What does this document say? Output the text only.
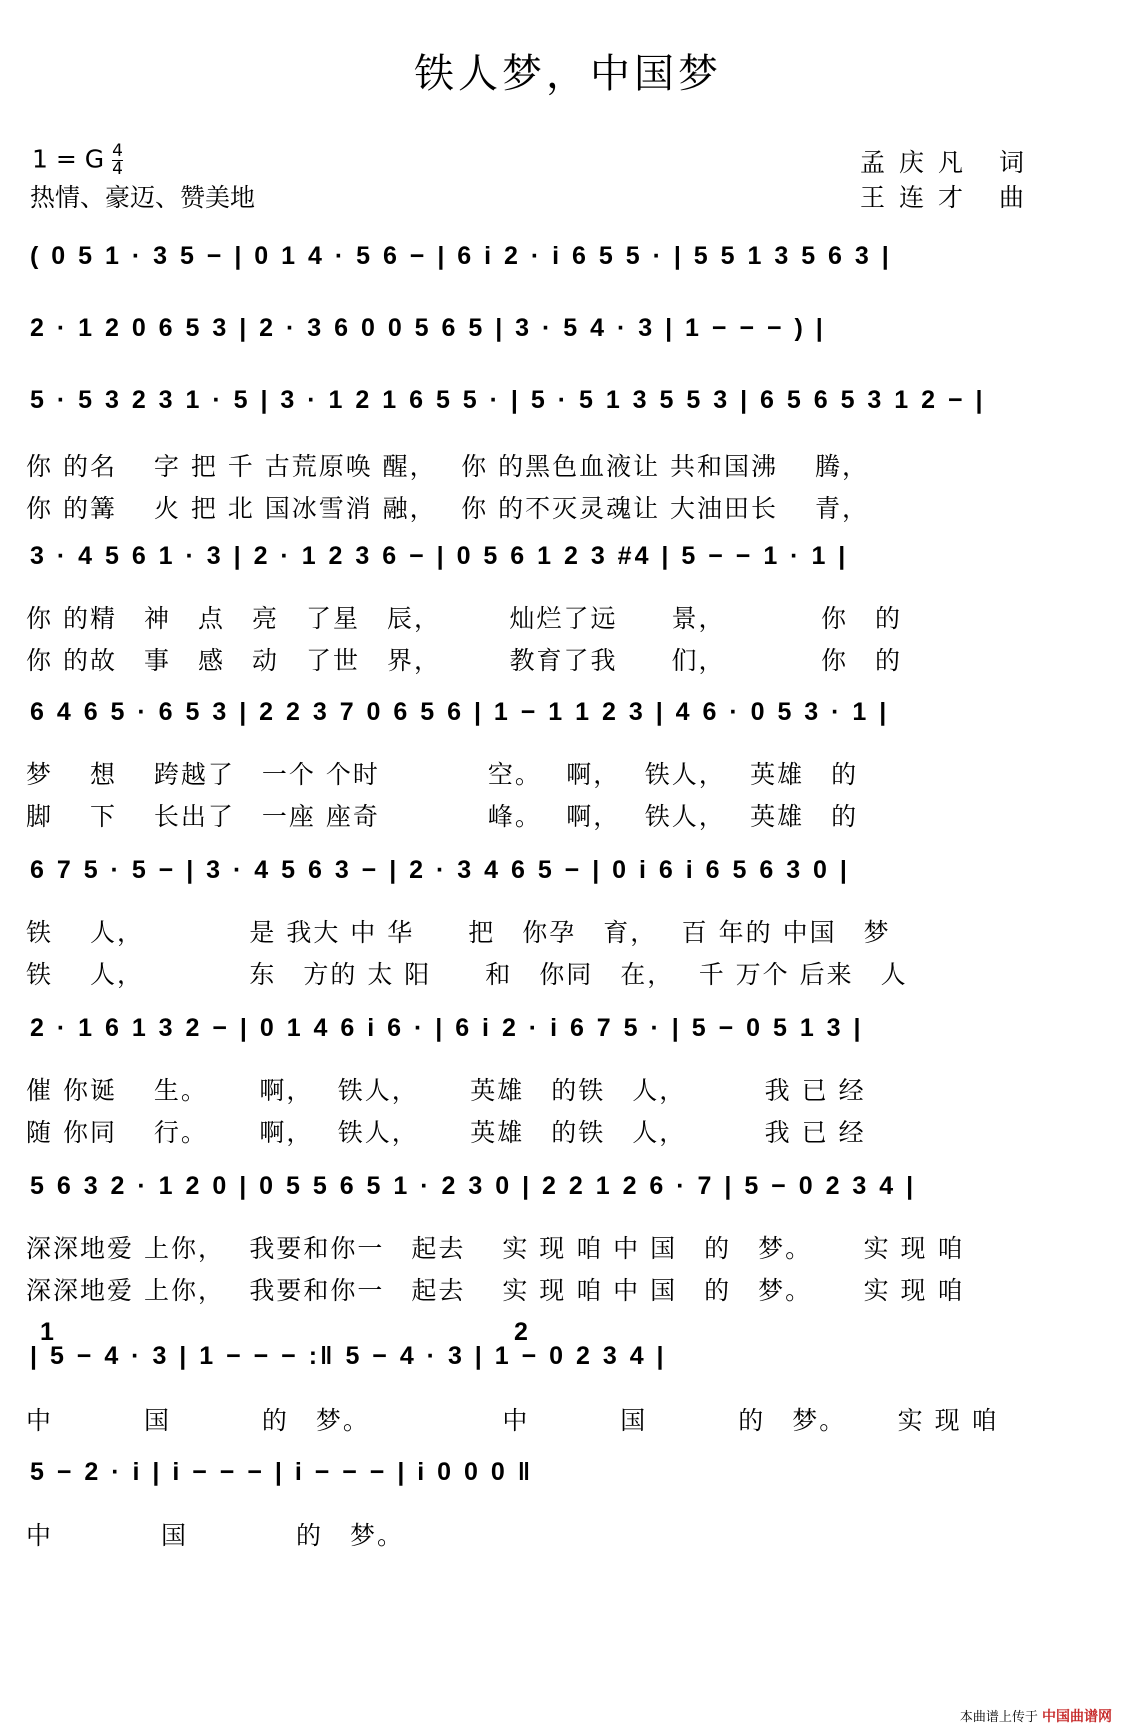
铁人梦，中国梦
1 = G $\frac{4}{4}$
热情、豪迈、赞美地
孟庆凡 词
王连才 曲
( 0 5 1 · 3 5 − | 0 1 4 · 5 6 − | 6 i 2 · i 6 5 5 · | 5 5 1 3 5 6 3 |
2 · 1 2 0 6 5 3 | 2 · 3 6 0 0 5 6 5 | 3 · 5 4 · 3 | 1 − − − ) |
5 · 5 3 2 3 1 · 5 | 3 · 1 2 1 6 5 5 · | 5 · 5 1 3 5 5 3 | 6 5 6 5 3 1 2 − |
3 · 4 5 6 1 · 3 | 2 · 1 2 3 6 − | 0 5 6 1 2 3 #4 | 5 − − 1 · 1 |
6 4 6 5 · 6 5 3 | 2 2 3 7 0 6 5 6 | 1 − 1 1 2 3 | 4 6 · 0 5 3 · 1 |
6 7 5 · 5 − | 3 · 4 5 6 3 − | 2 · 3 4 6 5 − | 0 i 6 i 6 5 6 3 0 |
2 · 1 6 1 3 2 − | 0 1 4 6 i 6 · | 6 i 2 · i 6 7 5 · | 5 − 0 5 1 3 |
5 6 3 2 · 1 2 0 | 0 5 5 6 5 1 · 2 3 0 | 2 2 1 2 6 · 7 | 5 − 0 2 3 4 |
| 5 − 4 · 3 | 1 − − − :‖ 5 − 4 · 3 | 1 − 0 2 3 4 |
5 − 2 · i | i − − − | i − − − | i 0 0 0 ‖
1	2
你 的名　 字 把 千 古荒原唤 醒，　 你 的黑色血液让 共和国沸　 腾，
你 的篝　 火 把 北 国冰雪消 融，　 你 的不灭灵魂让 大油田长　 青，
你 的精　神　点　亮　了星　辰，　　　灿烂了远　　景，　　　　你　的
你 的故　事　感　动　了世　界，　　　教育了我　　们，　　　　你　的
梦　 想　 跨越了　一个 个时　　　　空。　 啊，　 铁人，　 英雄　的
脚　 下　 长出了　一座 座奇　　　　峰。　 啊，　 铁人，　 英雄　的
铁　 人，　　　　 是 我大 中 华　　把　你孕　育，　 百 年的 中国　梦
铁　 人，　　　　 东　方的 太 阳　　和　你同　在，　 千 万个 后来　人
催 你诞　 生。　　 啊，　 铁人，　　 英雄　的铁　人，　　　 我 已 经
随 你同　 行。　　 啊，　 铁人，　　 英雄　的铁　人，　　　 我 已 经
深深地爱 上你，　 我要和你一　起去　 实 现 咱 中 国　的　梦。　　 实 现 咱
深深地爱 上你，　 我要和你一　起去　 实 现 咱 中 国　的　梦。　　 实 现 咱
中　　　 国　　　 的　梦。　　　　　 中　　　 国　　　 的　梦。　　 实 现 咱
中　　　　国　　　　的　梦。
本曲谱上传于 中国曲谱网
